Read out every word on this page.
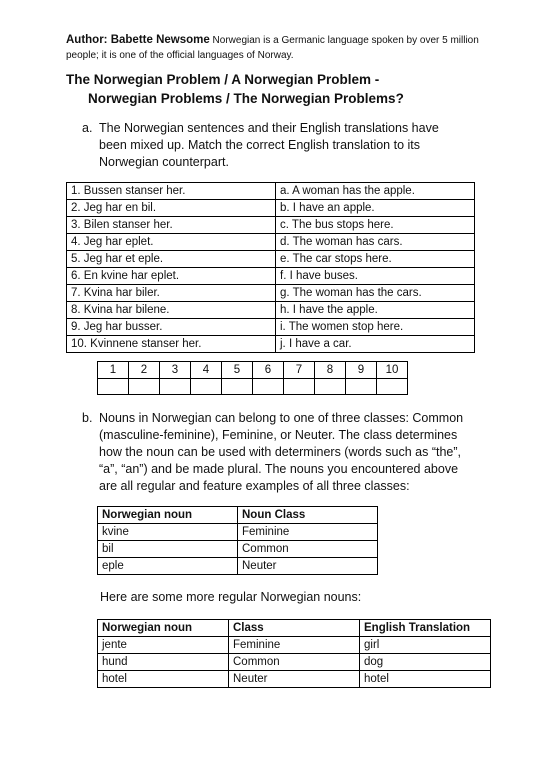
Author: Babette Newsome Norwegian is a Germanic language spoken by over 5 million people; it is one of the official languages of Norway.
The Norwegian Problem / A Norwegian Problem -
Norwegian Problems / The Norwegian Problems?
a. The Norwegian sentences and their English translations have been mixed up. Match the correct English translation to its Norwegian counterpart.
1. Bussen stanser her.	a. A woman has the apple.
2. Jeg har en bil.	b. I have an apple.
3. Bilen stanser her.	c. The bus stops here.
4. Jeg har eplet.	d. The woman has cars.
5. Jeg har et eple.	e. The car stops here.
6. En kvine har eplet.	f. I have buses.
7. Kvina har biler.	g. The woman has the cars.
8. Kvina har bilene.	h. I have the apple.
9. Jeg har busser.	i. The women stop here.
10. Kvinnene stanser her.	j. I have a car.
1	2	3	4	5	6	7	8	9	10

b. Nouns in Norwegian can belong to one of three classes: Common (masculine-feminine), Feminine, or Neuter. The class determines how the noun can be used with determiners (words such as “the”, “a”, “an”) and be made plural. The nouns you encountered above are all regular and feature examples of all three classes:
Norwegian noun	Noun Class
kvine	Feminine
bil	Common
eple	Neuter
Here are some more regular Norwegian nouns:
Norwegian noun	Class	English Translation
jente	Feminine	girl
hund	Common	dog
hotel	Neuter	hotel
